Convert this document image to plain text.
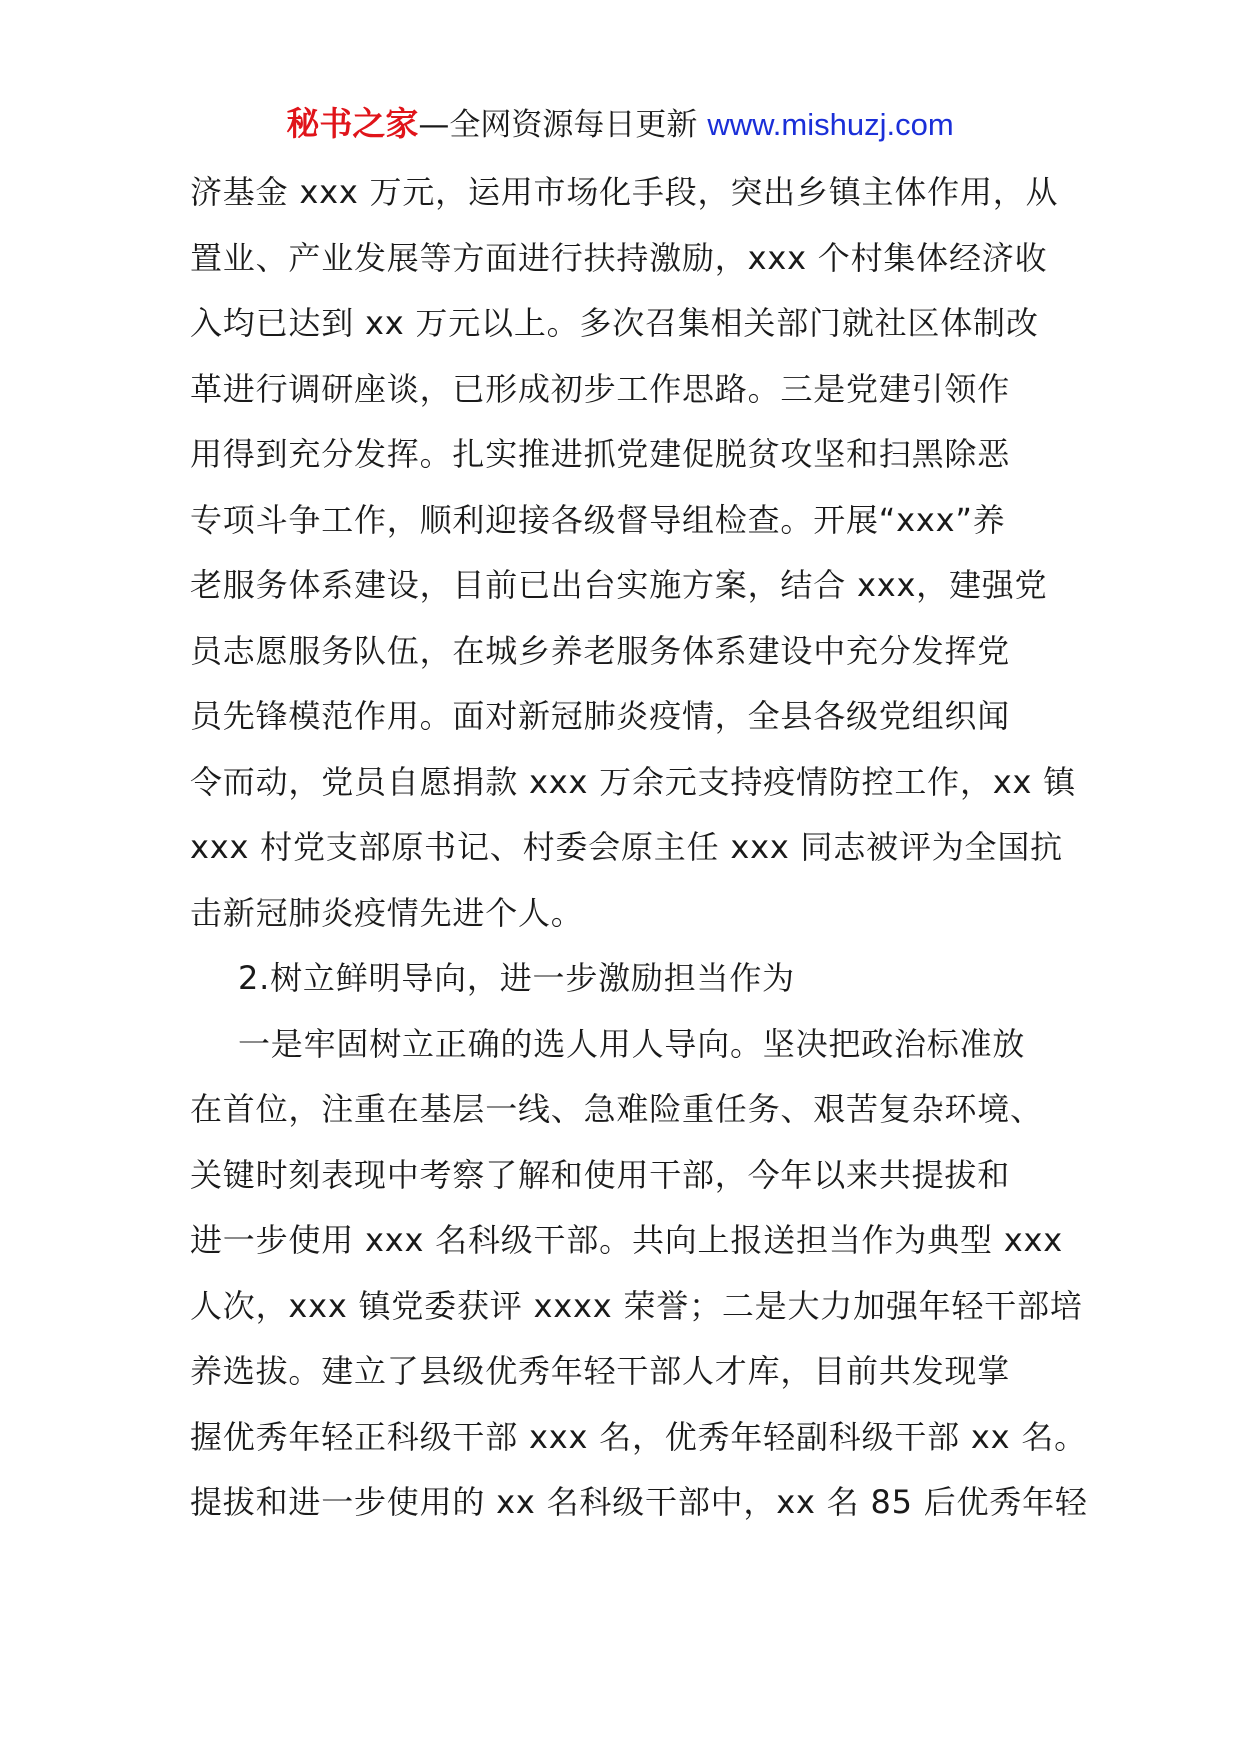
秘书之家—全网资源每日更新 www.mishuzj.com
济基金 xxx 万元，运用市场化手段，突出乡镇主体作用，从
置业、产业发展等方面进行扶持激励，xxx 个村集体经济收
入均已达到 xx 万元以上。多次召集相关部门就社区体制改
革进行调研座谈，已形成初步工作思路。三是党建引领作
用得到充分发挥。扎实推进抓党建促脱贫攻坚和扫黑除恶
专项斗争工作，顺利迎接各级督导组检查。开展“xxx”养
老服务体系建设，目前已出台实施方案，结合 xxx，建强党
员志愿服务队伍，在城乡养老服务体系建设中充分发挥党
员先锋模范作用。面对新冠肺炎疫情，全县各级党组织闻
令而动，党员自愿捐款 xxx 万余元支持疫情防控工作，xx 镇
xxx 村党支部原书记、村委会原主任 xxx 同志被评为全国抗
击新冠肺炎疫情先进个人。
2.树立鲜明导向，进一步激励担当作为
一是牢固树立正确的选人用人导向。坚决把政治标准放
在首位，注重在基层一线、急难险重任务、艰苦复杂环境、
关键时刻表现中考察了解和使用干部，今年以来共提拔和
进一步使用 xxx 名科级干部。共向上报送担当作为典型 xxx
人次，xxx 镇党委获评 xxxx 荣誉；二是大力加强年轻干部培
养选拔。建立了县级优秀年轻干部人才库，目前共发现掌
握优秀年轻正科级干部 xxx 名，优秀年轻副科级干部 xx 名。
提拔和进一步使用的 xx 名科级干部中，xx 名 85 后优秀年轻
